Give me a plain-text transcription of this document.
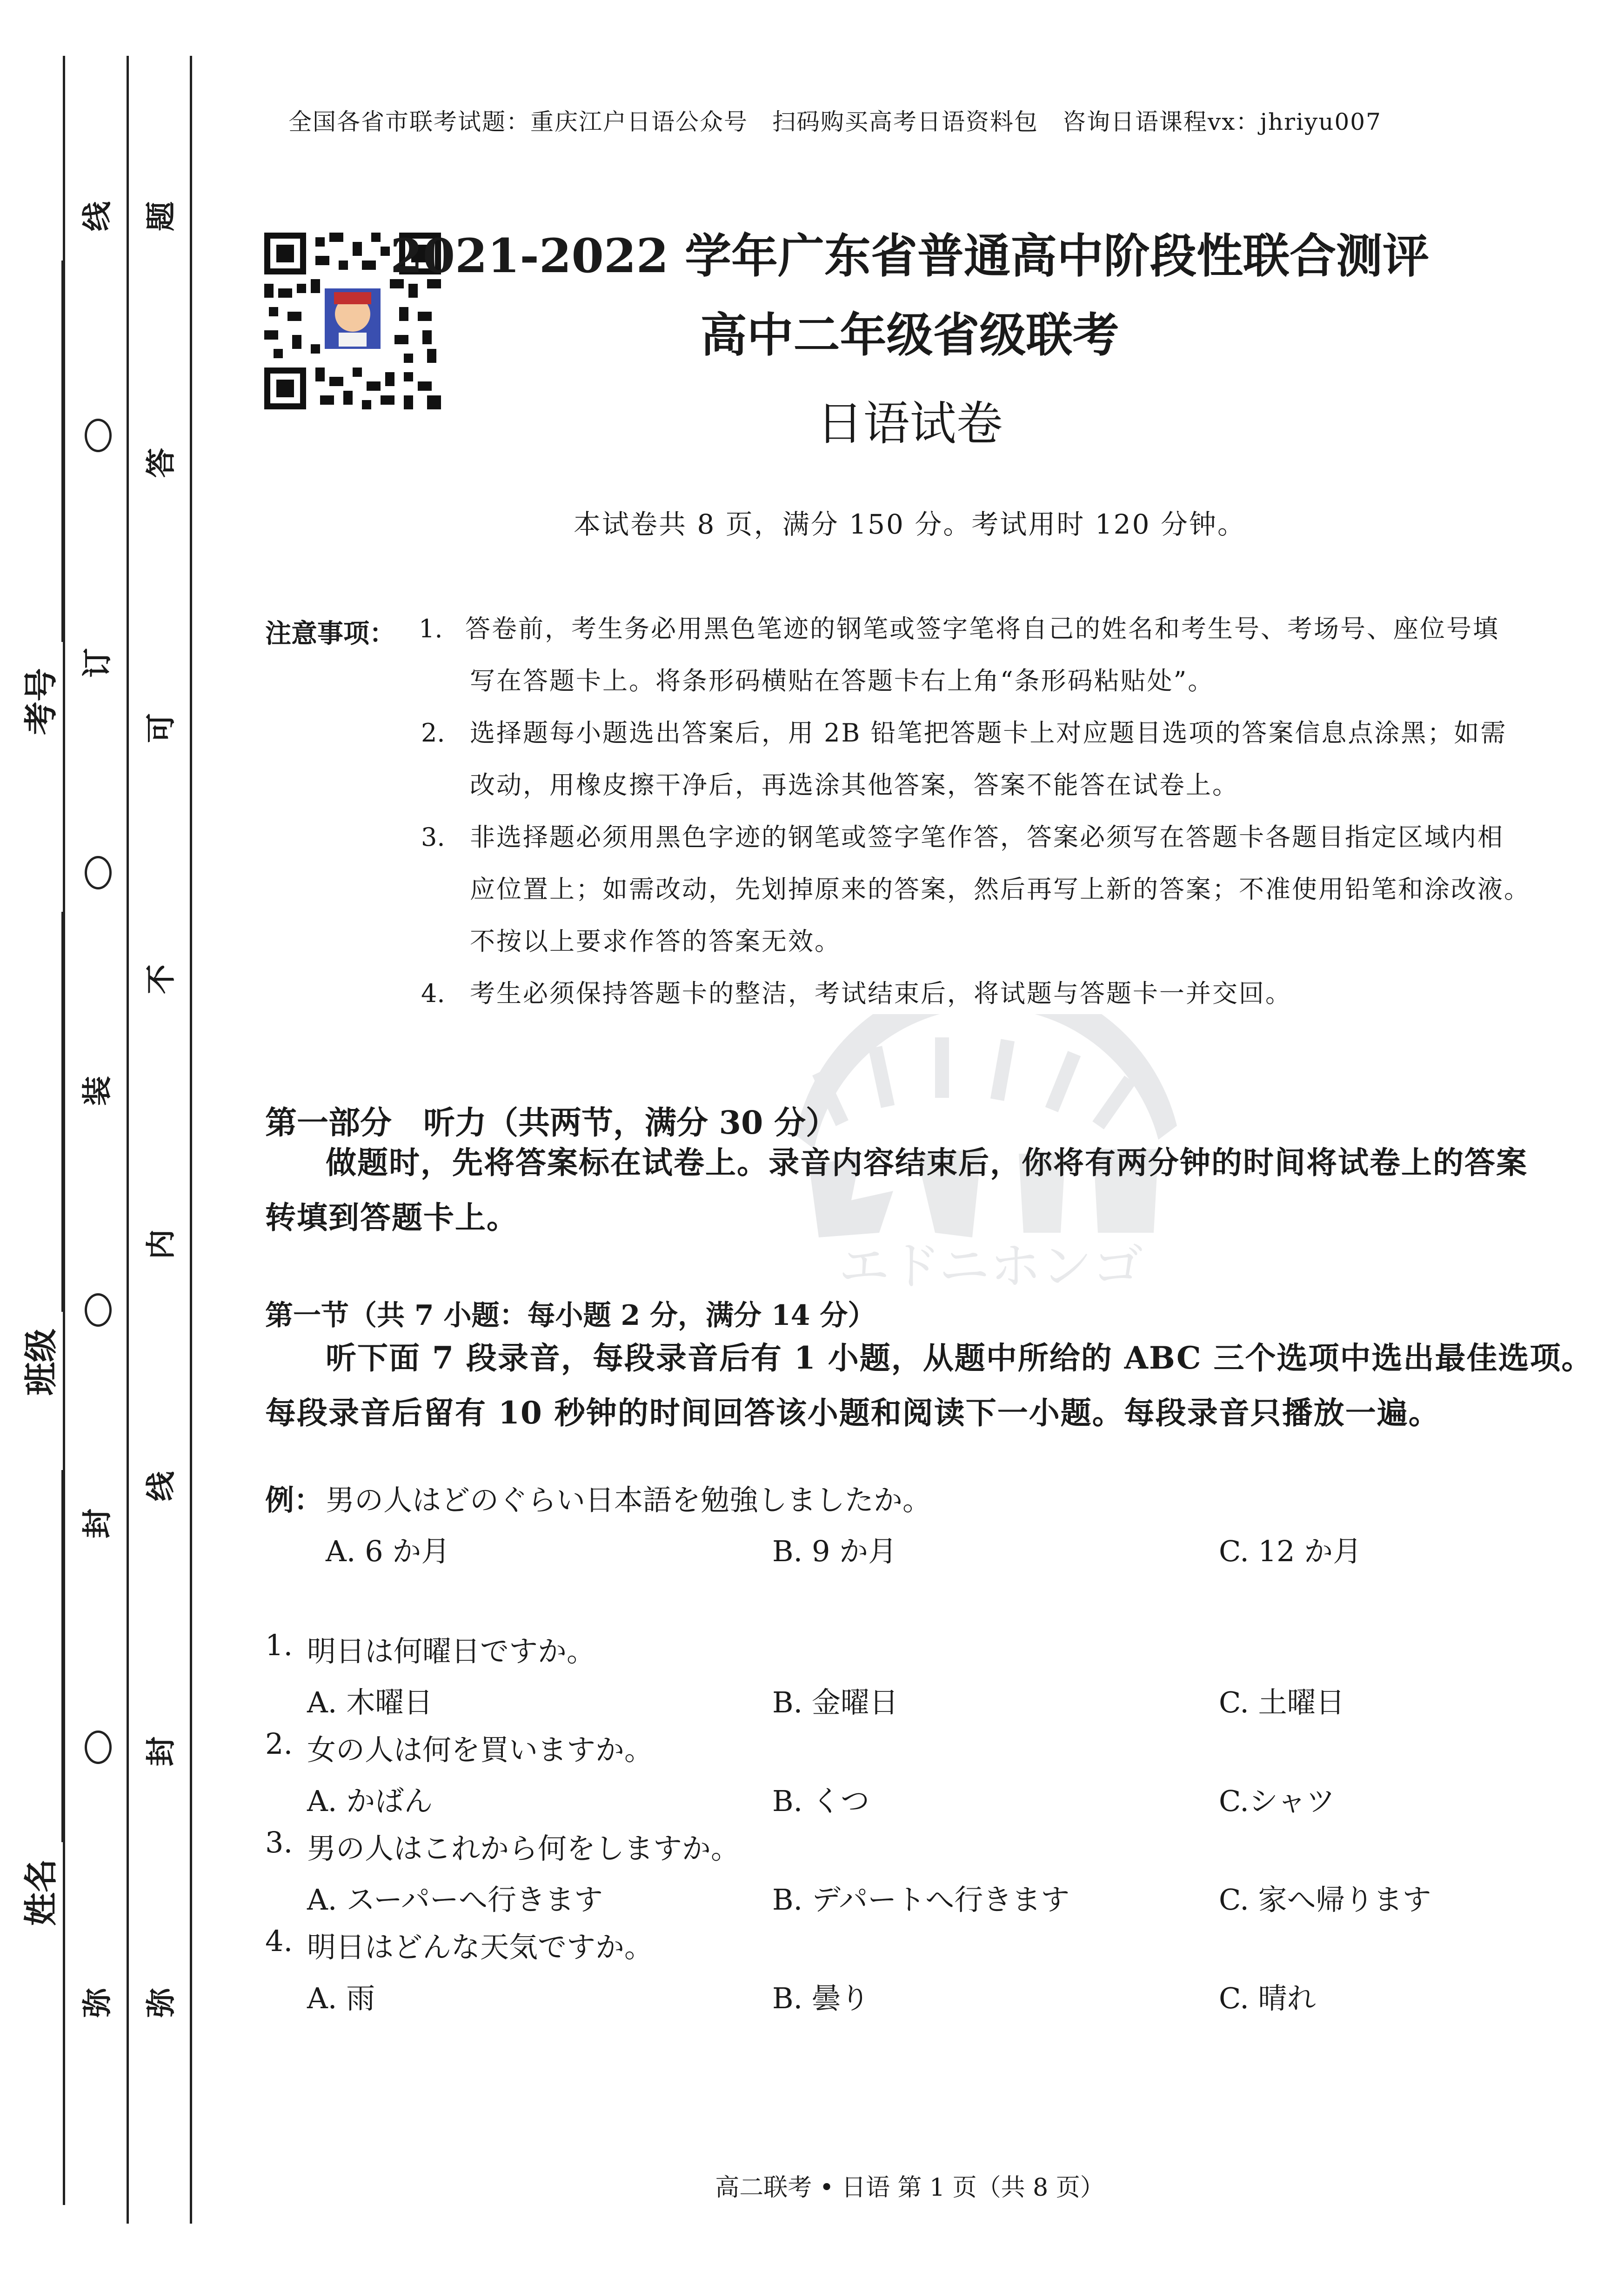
考号
班级
姓名
线
订
装
封
弥
题
答
可
不
内
线
封
弥
全国各省市联考试题：重庆江户日语公众号　扫码购买高考日语资料包　咨询日语课程vx：jhriyu007
2021-2022 学年广东省普通高中阶段性联合测评
高中二年级省级联考
日语试卷
本试卷共 8 页，满分 150 分。考试用时 120 分钟。
注意事项： 1. 答卷前，考生务必用黑色笔迹的钢笔或签字笔将自己的姓名和考生号、考场号、座位号填
写在答题卡上。将条形码横贴在答题卡右上角“条形码粘贴处”。
2. 选择题每小题选出答案后，用 2B 铅笔把答题卡上对应题目选项的答案信息点涂黑；如需
改动，用橡皮擦干净后，再选涂其他答案，答案不能答在试卷上。
3. 非选择题必须用黑色字迹的钢笔或签字笔作答，答案必须写在答题卡各题目指定区域内相
应位置上；如需改动，先划掉原来的答案，然后再写上新的答案；不准使用铅笔和涂改液。
不按以上要求作答的答案无效。
4. 考生必须保持答题卡的整洁，考试结束后，将试题与答题卡一并交回。
エドニホンゴ
第一部分　听力（共两节，满分 30 分）
做题时，先将答案标在试卷上。录音内容结束后，你将有两分钟的时间将试卷上的答案
转填到答题卡上。
第一节（共 7 小题：每小题 2 分，满分 14 分）
听下面 7 段录音，每段录音后有 1 小题，从题中所给的 ABC 三个选项中选出最佳选项。
每段录音后留有 10 秒钟的时间回答该小题和阅读下一小题。每段录音只播放一遍。
例： 男の人はどのぐらい日本語を勉強しましたか。
A. 6 か月	B. 9 か月	C. 12 か月
1. 明日は何曜日ですか。
A. 木曜日	B. 金曜日	C. 土曜日
2. 女の人は何を買いますか。
A. かばん	B. くつ	C.シャツ
3. 男の人はこれから何をしますか。
A. スーパーへ行きます	B. デパートへ行きます	C. 家へ帰ります
4. 明日はどんな天気ですか。
A. 雨	B. 曇り	C. 晴れ
高二联考 • 日语 第 1 页（共 8 页）
